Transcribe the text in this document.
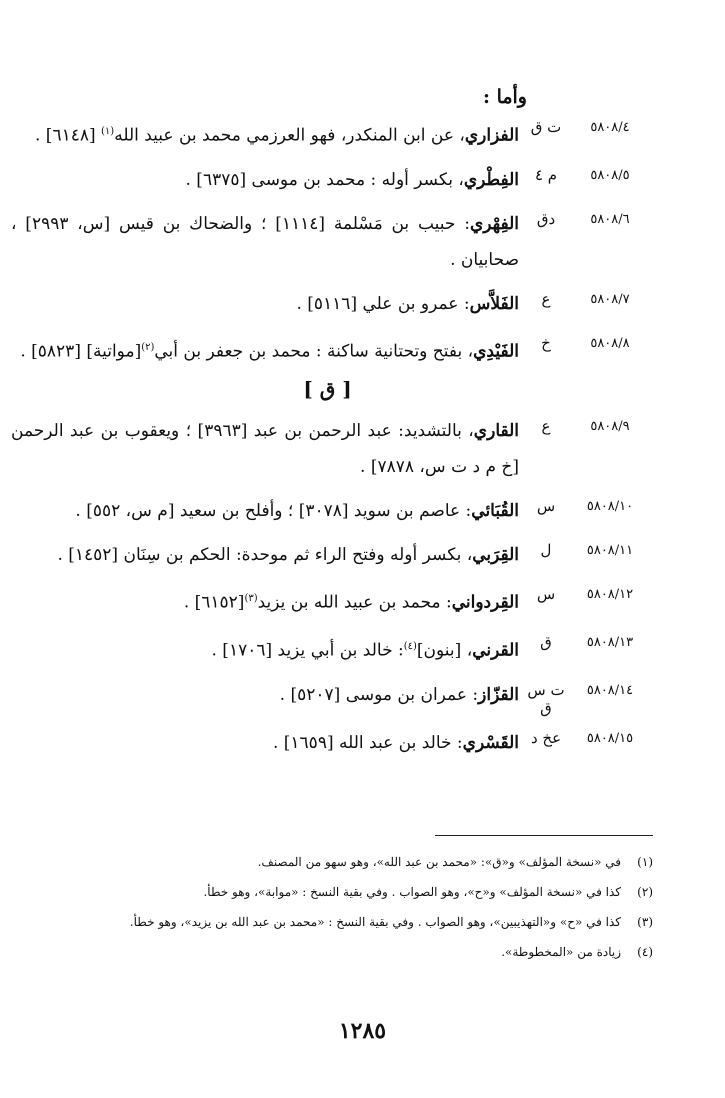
وأما :
٥٨٠٨/٤
ت ق
الفزاري، عن ابن المنكدر، فهو العرزمي محمد بن عبيد الله$^{(١)}$ [٦١٤٨] .
٥٨٠٨/٥
م ٤
الفِطْري، بكسر أوله : محمد بن موسى [٦٣٧٥] .
٥٨٠٨/٦
دق
الفِهْري: حبيب بن مَسْلمة [١١١٤] ؛ والضحاك بن قيس [س، ٢٩٩٣] ، صحابيان .
٥٨٠٨/٧
ع
الفَلاَّس: عمرو بن علي [٥١١٦] .
٥٨٠٨/٨
خ
الفَيْدِي، بفتح وتحتانية ساكنة : محمد بن جعفر بن أبي$^{(٢)}$[مواتية] [٥٨٢٣] .
[ ق ]
٥٨٠٨/٩
ع
القاري، بالتشديد: عبد الرحمن بن عبد [٣٩٦٣] ؛ ويعقوب بن عبد الرحمن [خ م د ت س، ٧٨٧٨] .
٥٨٠٨/١٠
س
القُبَائي: عاصم بن سويد [٣٠٧٨] ؛ وأفلح بن سعيد [م س، ٥٥٢] .
٥٨٠٨/١١
ل
القِرَبي، بكسر أوله وفتح الراء ثم موحدة: الحكم بن سِنَان [١٤٥٢] .
٥٨٠٨/١٢
س
القِردواني: محمد بن عبيد الله بن يزيد$^{(٣)}$[٦١٥٢] .
٥٨٠٨/١٣
ق
القرني، [بنون]$^{(٤)}$: خالد بن أبي يزيد [١٧٠٦] .
٥٨٠٨/١٤
ت س ق
القزّاز: عمران بن موسى [٥٢٠٧] .
٥٨٠٨/١٥
عخ د
القَسْري: خالد بن عبد الله [١٦٥٩] .
(١)
في «نسخة المؤلف» و«ق»: «محمد بن عبد الله»، وهو سهو من المصنف.
(٢)
كذا في «نسخة المؤلف» و«ح»، وهو الصواب . وفي بقية النسخ : «موابة»، وهو خطأ.
(٣)
كذا في «ح» و«التهذيبين»، وهو الصواب . وفي بقية النسخ : «محمد بن عبد الله بن يزيد»، وهو خطأ.
(٤)
زيادة من «المخطوطة».
١٢٨٥
